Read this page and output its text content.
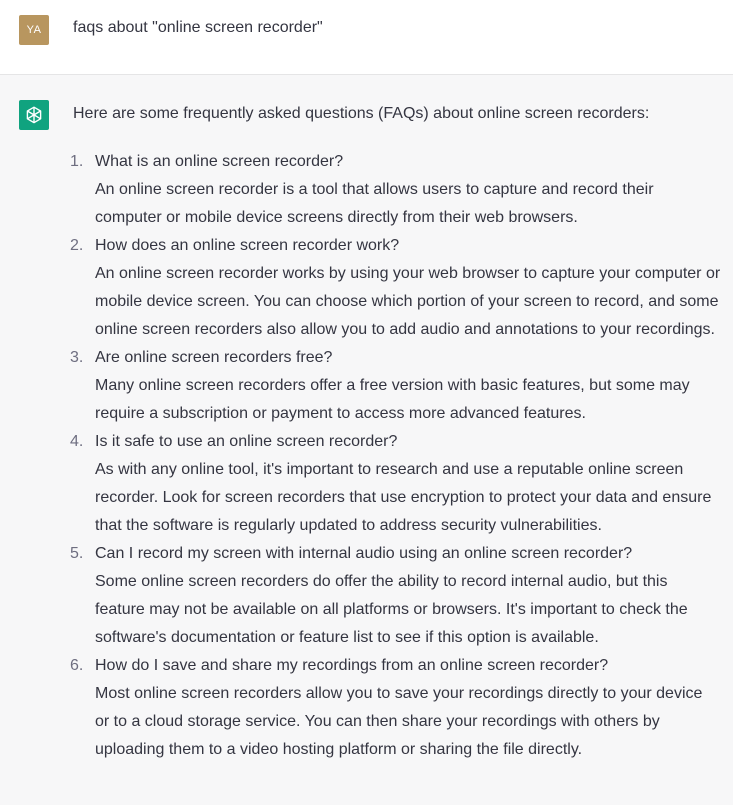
YA	faqs about "online screen recorder"
Here are some frequently asked questions (FAQs) about online screen recorders:
1. What is an online screen recorder?
An online screen recorder is a tool that allows users to capture and record their computer or mobile device screens directly from their web browsers.
2. How does an online screen recorder work?
An online screen recorder works by using your web browser to capture your computer or mobile device screen. You can choose which portion of your screen to record, and some online screen recorders also allow you to add audio and annotations to your recordings.
3. Are online screen recorders free?
Many online screen recorders offer a free version with basic features, but some may require a subscription or payment to access more advanced features.
4. Is it safe to use an online screen recorder?
As with any online tool, it's important to research and use a reputable online screen recorder. Look for screen recorders that use encryption to protect your data and ensure that the software is regularly updated to address security vulnerabilities.
5. Can I record my screen with internal audio using an online screen recorder?
Some online screen recorders do offer the ability to record internal audio, but this feature may not be available on all platforms or browsers. It's important to check the software's documentation or feature list to see if this option is available.
6. How do I save and share my recordings from an online screen recorder?
Most online screen recorders allow you to save your recordings directly to your device or to a cloud storage service. You can then share your recordings with others by uploading them to a video hosting platform or sharing the file directly.
